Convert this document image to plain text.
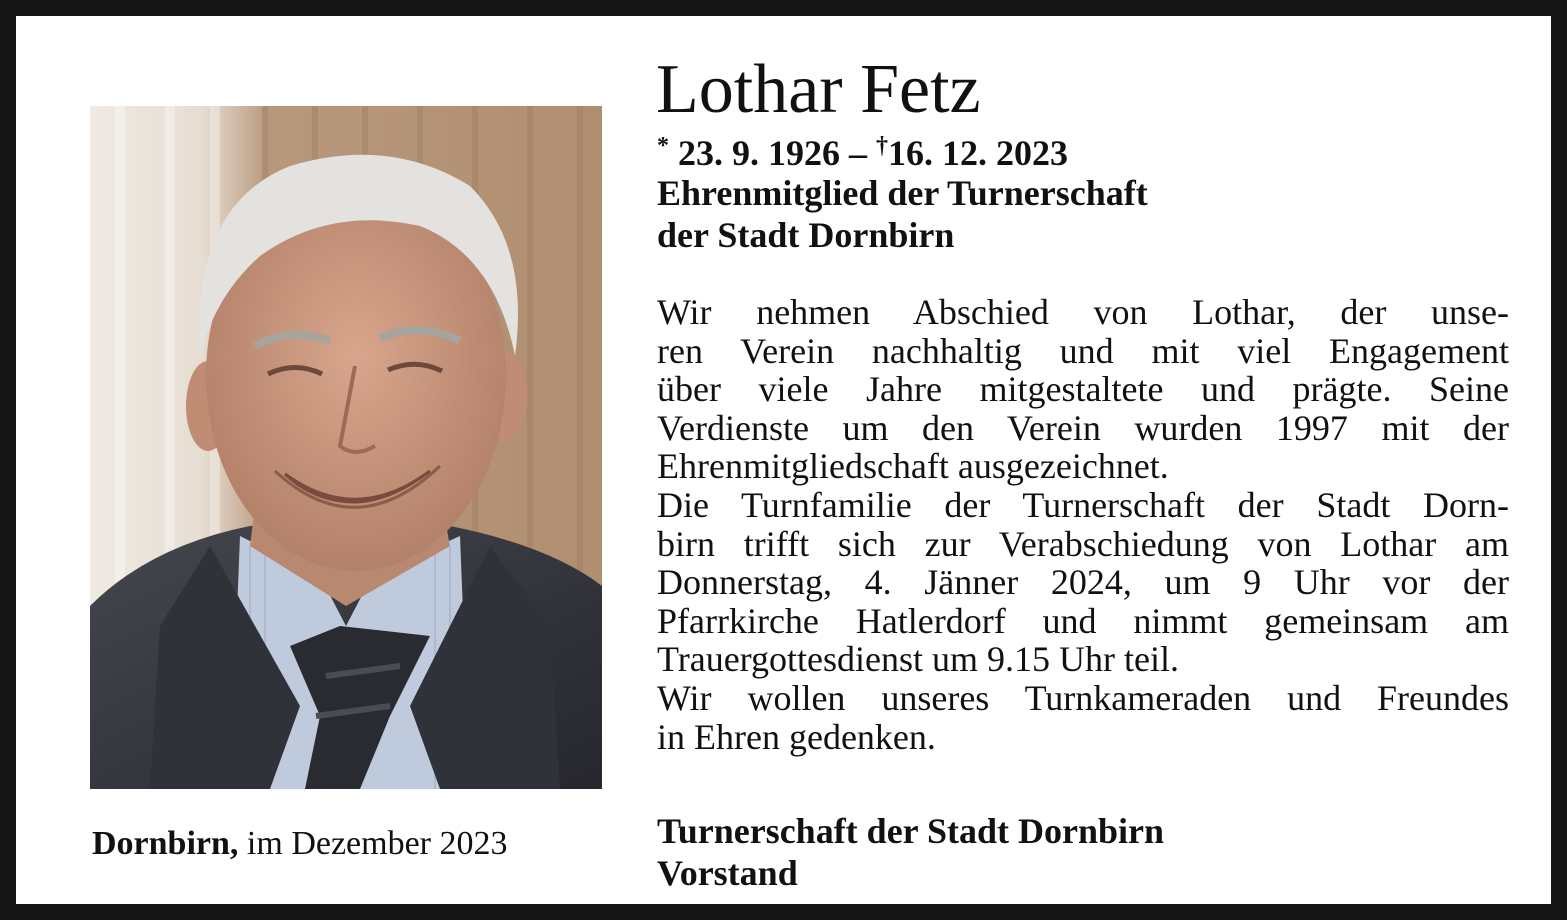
Lothar Fetz
* 23. 9. 1926 – †16. 12. 2023
Ehrenmitglied der Turnerschaft
der Stadt Dornbirn
Wir nehmen Abschied von Lothar, der unse-
ren Verein nachhaltig und mit viel Engagement
über viele Jahre mitgestaltete und prägte. Seine
Verdienste um den Verein wurden 1997 mit der
Ehrenmitgliedschaft ausgezeichnet.
Die Turnfamilie der Turnerschaft der Stadt Dorn-
birn trifft sich zur Verabschiedung von Lothar am
Donnerstag, 4. Jänner 2024, um 9 Uhr vor der
Pfarrkirche Hatlerdorf und nimmt gemeinsam am
Trauergottesdienst um 9.15 Uhr teil.
Wir wollen unseres Turnkameraden und Freundes
in Ehren gedenken.
Turnerschaft der Stadt Dornbirn
Vorstand
Dornbirn, im Dezember 2023
